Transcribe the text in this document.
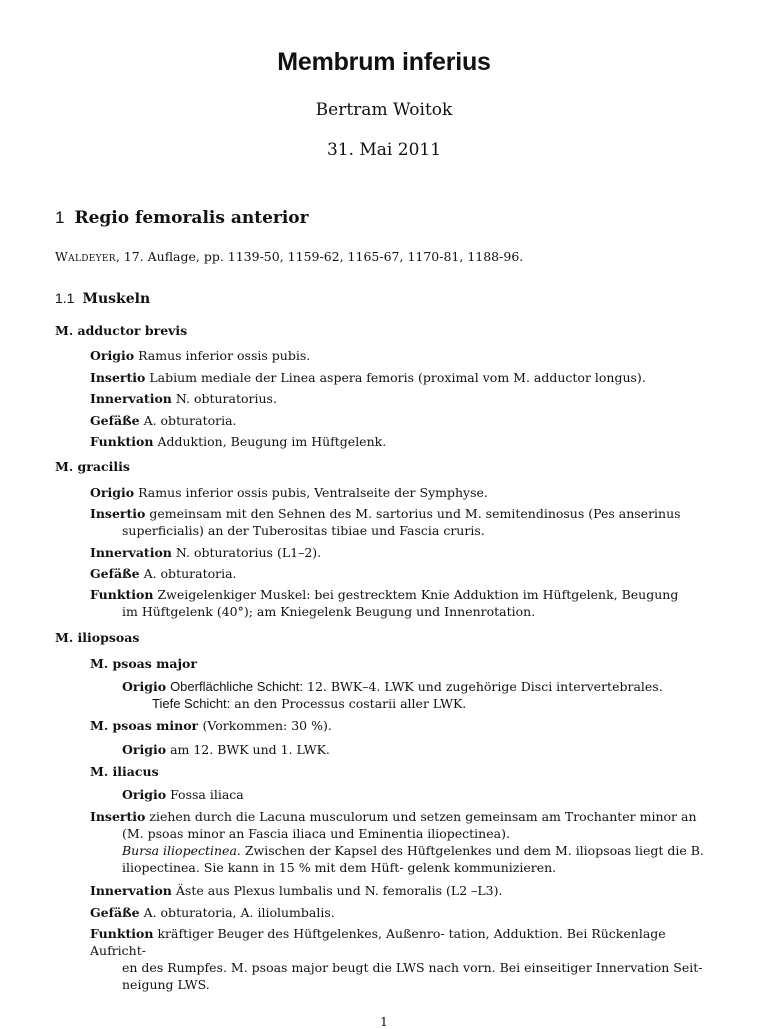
Membrum inferius
Bertram Woitok
31. Mai 2011
1 Regio femoralis anterior
Waldeyer, 17. Auflage, pp. 1139-50, 1159-62, 1165-67, 1170-81, 1188-96.
1.1 Muskeln
M. adductor brevis
Origio Ramus inferior ossis pubis.
Insertio Labium mediale der Linea aspera femoris (proximal vom M. adductor longus).
Innervation N. obturatorius.
Gefäße A. obturatoria.
Funktion Adduktion, Beugung im Hüftgelenk.
M. gracilis
Origio Ramus inferior ossis pubis, Ventralseite der Symphyse.
Insertio gemeinsam mit den Sehnen des M. sartorius und M. semitendinosus (Pes anserinus
superficialis) an der Tuberositas tibiae und Fascia cruris.
Innervation N. obturatorius (L1–2).
Gefäße A. obturatoria.
Funktion Zweigelenkiger Muskel: bei gestrecktem Knie Adduktion im Hüftgelenk, Beugung
im Hüftgelenk (40°); am Kniegelenk Beugung und Innenrotation.
M. iliopsoas
M. psoas major
Origio Oberflächliche Schicht: 12. BWK–4. LWK und zugehörige Disci intervertebrales.
Tiefe Schicht: an den Processus costarii aller LWK.
M. psoas minor (Vorkommen: 30 %).
Origio am 12. BWK und 1. LWK.
M. iliacus
Origio Fossa iliaca
Insertio ziehen durch die Lacuna musculorum und setzen gemeinsam am Trochanter minor an
(M. psoas minor an Fascia iliaca und Eminentia iliopectinea).
Bursa iliopectinea. Zwischen der Kapsel des Hüftgelenkes und dem M. iliopsoas liegt die B.
iliopectinea. Sie kann in 15 % mit dem Hüft- gelenk kommunizieren.
Innervation Äste aus Plexus lumbalis und N. femoralis (L2 –L3).
Gefäße A. obturatoria, A. iliolumbalis.
Funktion kräftiger Beuger des Hüftgelenkes, Außenro- tation, Adduktion. Bei Rückenlage Aufricht-
en des Rumpfes. M. psoas major beugt die LWS nach vorn. Bei einseitiger Innervation Seit-
neigung LWS.
1
